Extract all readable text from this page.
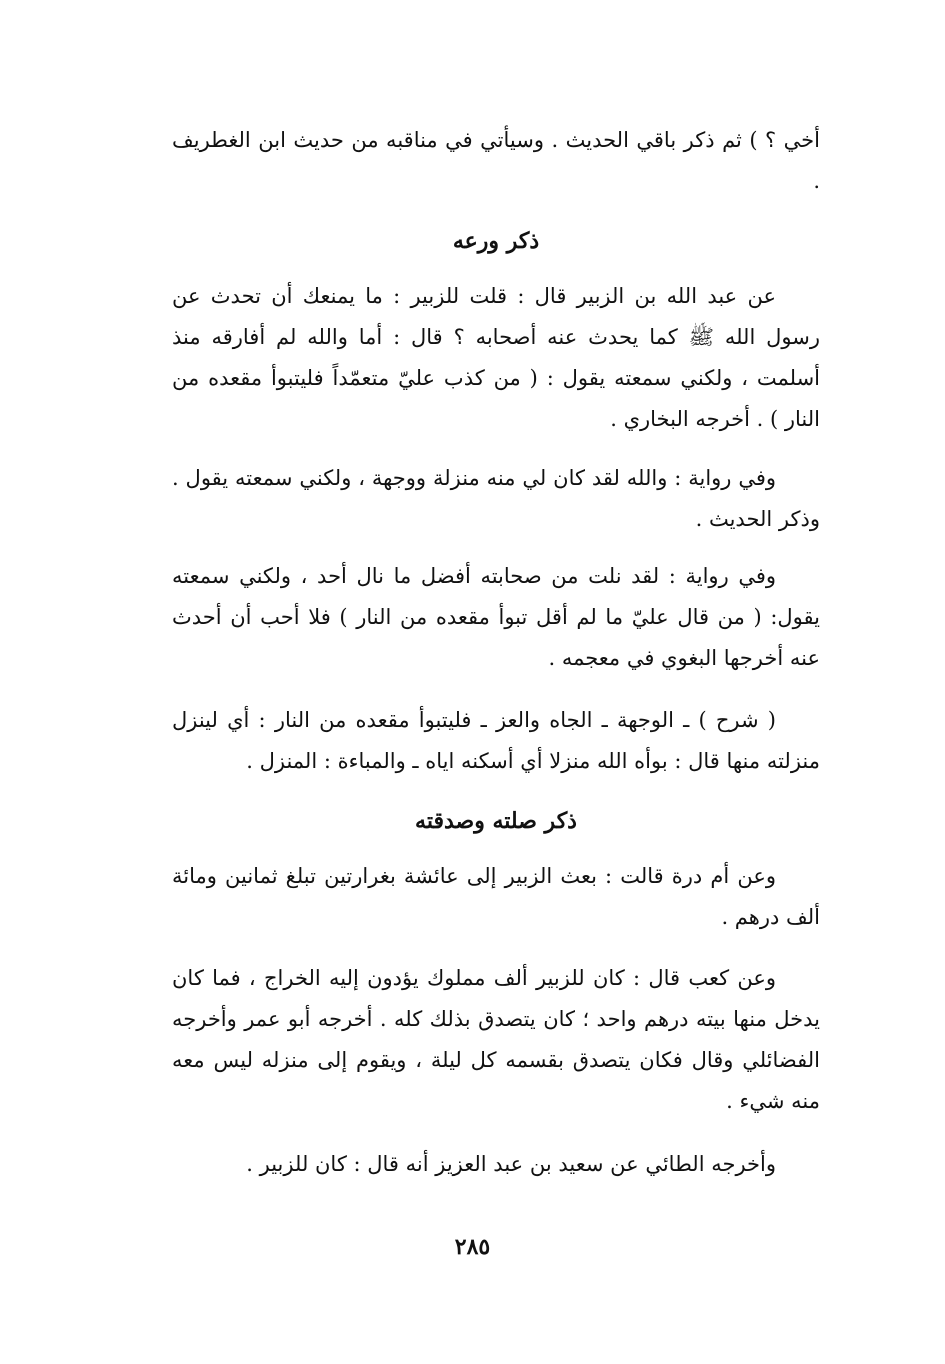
أخي ؟ ) ثم ذكر باقي الحديث . وسيأتي في مناقبه من حديث ابن الغطريف .

ذكر ورعه

عن عبد الله بن الزبير قال : قلت للزبير : ما يمنعك أن تحدث عن رسول الله ﷺ كما يحدث عنه أصحابه ؟ قال : أما والله لم أفارقه منذ أسلمت ، ولكني سمعته يقول : ( من كذب عليّ متعمّداً فليتبوأ مقعده من النار ) . أخرجه البخاري .

وفي رواية : والله لقد كان لي منه منزلة ووجهة ، ولكني سمعته يقول . وذكر الحديث .

وفي رواية : لقد نلت من صحابته أفضل ما نال أحد ، ولكني سمعته يقول: ( من قال عليّ ما لم أقل تبوأ مقعده من النار ) فلا أحب أن أحدث عنه أخرجها البغوي في معجمه .

( شرح ) ـ الوجهة ـ الجاه والعز ـ فليتبوأ مقعده من النار : أي لينزل منزلته منها قال : بوأه الله منزلا أي أسكنه اياه ـ والمباءة : المنزل .

ذكر صلته وصدقته

وعن أم درة قالت : بعث الزبير إلى عائشة بغرارتين تبلغ ثمانين ومائة ألف درهم .

وعن كعب قال : كان للزبير ألف مملوك يؤدون إليه الخراج ، فما كان يدخل منها بيته درهم واحد ؛ كان يتصدق بذلك كله . أخرجه أبو عمر وأخرجه الفضائلي وقال فكان يتصدق بقسمه كل ليلة ، ويقوم إلى منزله ليس معه منه شيء .

وأخرجه الطائي عن سعيد بن عبد العزيز أنه قال : كان للزبير .

٢٨٥
